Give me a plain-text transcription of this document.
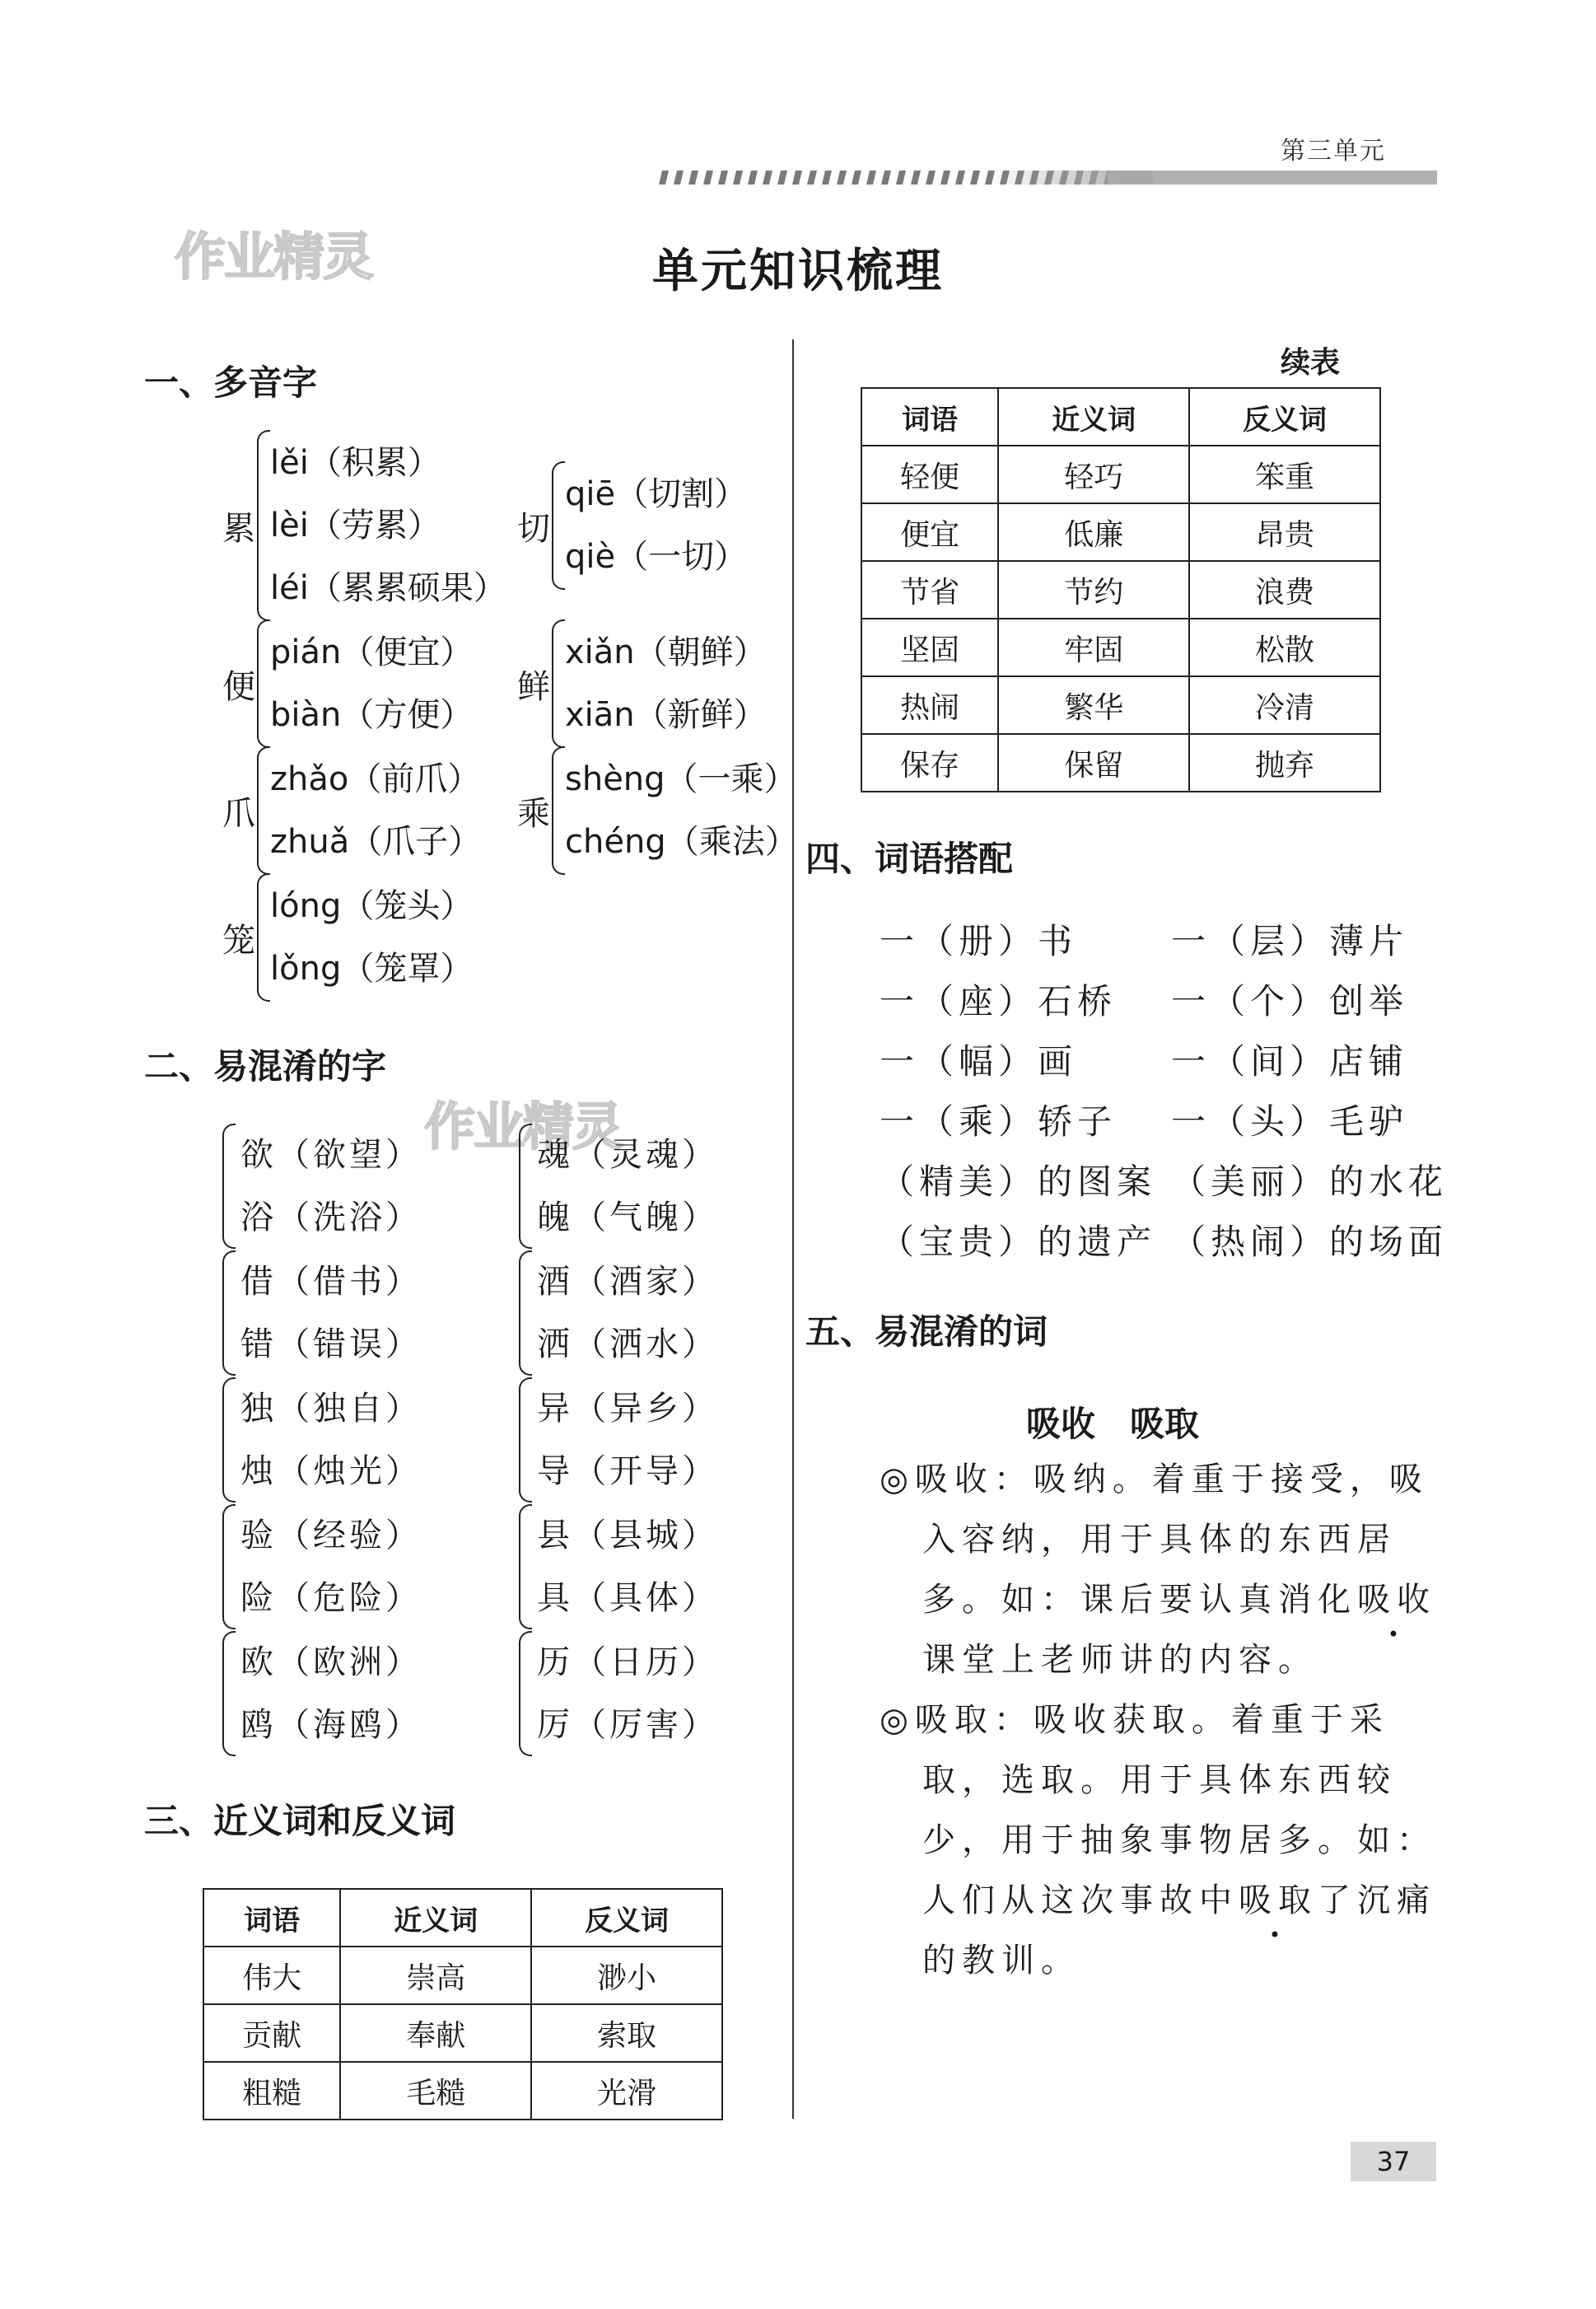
第三单元
作业精灵
作业精灵
单元知识梳理
一、多音字
累
lěi（积累）
lèi（劳累）
léi（累累硕果）
切
qiē（切割）
qiè（一切）
便
pián（便宜）
biàn（方便）
鲜
xiǎn（朝鲜）
xiān（新鲜）
爪
zhǎo（前爪）
zhuǎ（爪子）
乘
shèng（一乘）
chéng（乘法）
笼
lóng（笼头）
lǒng（笼罩）
二、易混淆的字
欲（欲望）
浴（洗浴）
魂（灵魂）
魄（气魄）
借（借书）
错（错误）
酒（酒家）
洒（洒水）
独（独自）
烛（烛光）
异（异乡）
导（开导）
验（经验）
险（危险）
县（县城）
具（具体）
欧（欧洲）
鸥（海鸥）
历（日历）
厉（厉害）
三、近义词和反义词
词语	近义词	反义词
伟大	崇高	渺小
贡献	奉献	索取
粗糙	毛糙	光滑
续表
词语	近义词	反义词
轻便	轻巧	笨重
便宜	低廉	昂贵
节省	节约	浪费
坚固	牢固	松散
热闹	繁华	冷清
保存	保留	抛弃
四、词语搭配
一（册）书	一（层）薄片
一（座）石桥 一（个）创举
一（幅）画	一（间）店铺
一（乘）轿子 一（头）毛驴
（精美）的图案 （美丽）的水花
（宝贵）的遗产 （热闹）的场面
五、易混淆的词
吸收　吸取
◎吸收：吸纳。着重于接受，吸
入容纳，用于具体的东西居
多。如：课后要认真消化吸收
课堂上老师讲的内容。
◎吸取：吸收获取。着重于采
取，选取。用于具体东西较
少，用于抽象事物居多。如：
人们从这次事故中吸取了沉痛
的教训。
37
